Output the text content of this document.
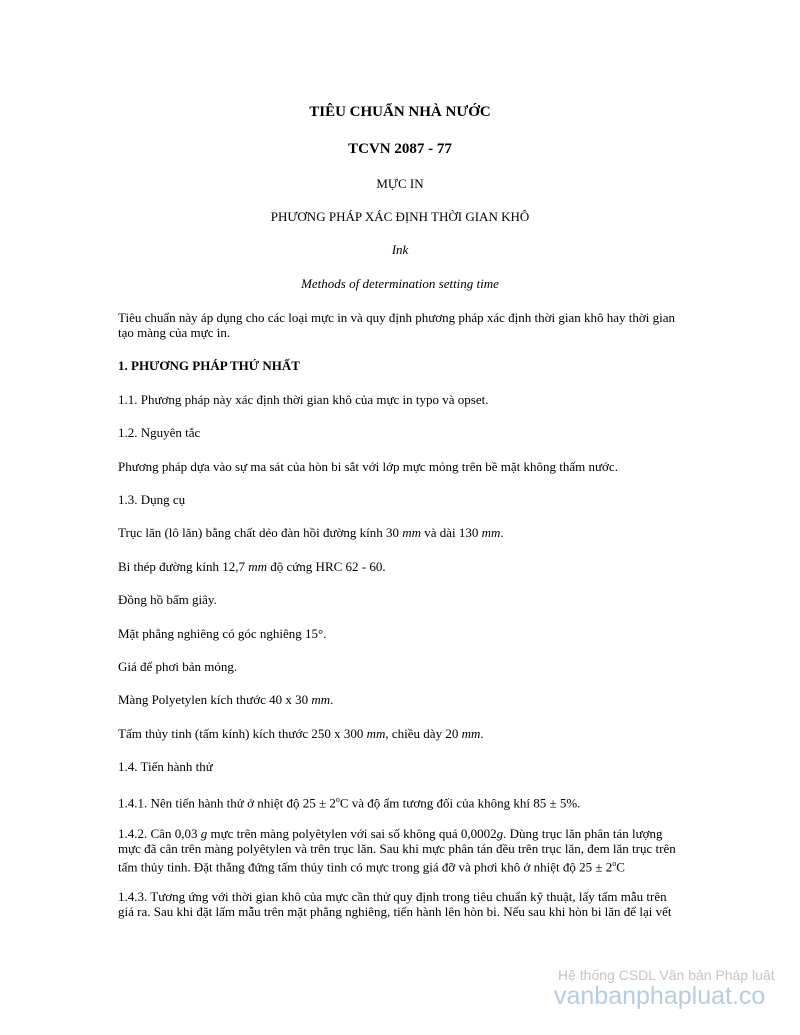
TIÊU CHUẨN NHÀ NƯỚC
TCVN 2087 - 77
MỰC IN
PHƯƠNG PHÁP XÁC ĐỊNH THỜI GIAN KHÔ
Ink
Methods of determination setting time
Tiêu chuẩn này áp dụng cho các loại mực in và quy định phương pháp xác định thời gian khô hay thời gian
tạo màng của mực in.
1. PHƯƠNG PHÁP THỨ NHẤT
1.1. Phương pháp này xác định thời gian khô của mực in typo và opset.
1.2. Nguyên tắc
Phương pháp dựa vào sự ma sát của hòn bi sắt với lớp mực mỏng trên bề mặt không thấm nước.
1.3. Dụng cụ
Trục lăn (lô lăn) bằng chất dẻo đàn hồi đường kính 30 mm và dài 130 mm.
Bi thép đường kính 12,7 mm độ cứng HRC 62 - 60.
Đồng hồ bấm giây.
Mặt phẳng nghiêng có góc nghiêng 15°.
Giá để phơi bản mỏng.
Màng Polyetylen kích thước 40 x 30 mm.
Tấm thủy tinh (tấm kính) kích thước 250 x 300 mm, chiều dày 20 mm.
1.4. Tiến hành thử
1.4.1. Nên tiến hành thử ở nhiệt độ $25 \pm 2^oC$ và độ ẩm tương đối của không khí 85 ± 5%.
1.4.2. Cân 0,03 g mực trên màng polyêtylen với sai số không quá 0,0002g. Dùng trục lăn phân tán lượng
mực đã cân trên màng polyêtylen và trên trục lăn. Sau khi mực phân tán đều trên trục lăn, đem lăn trục trên
tấm thủy tinh. Đặt thẳng đứng tấm thủy tinh có mực trong giá đỡ và phơi khô ở nhiệt độ $25 \pm 2^oC$
1.4.3. Tương ứng với thời gian khô của mực cần thử quy định trong tiêu chuẩn kỹ thuật, lấy tấm mẫu trên
giá ra. Sau khi đặt lấm mẫu trên mặt phẳng nghiêng, tiến hành lên hòn bi. Nếu sau khi hòn bi lăn để lại vết
Hệ thống CSDL Văn bản Pháp luật
vanbanphapluat.co
